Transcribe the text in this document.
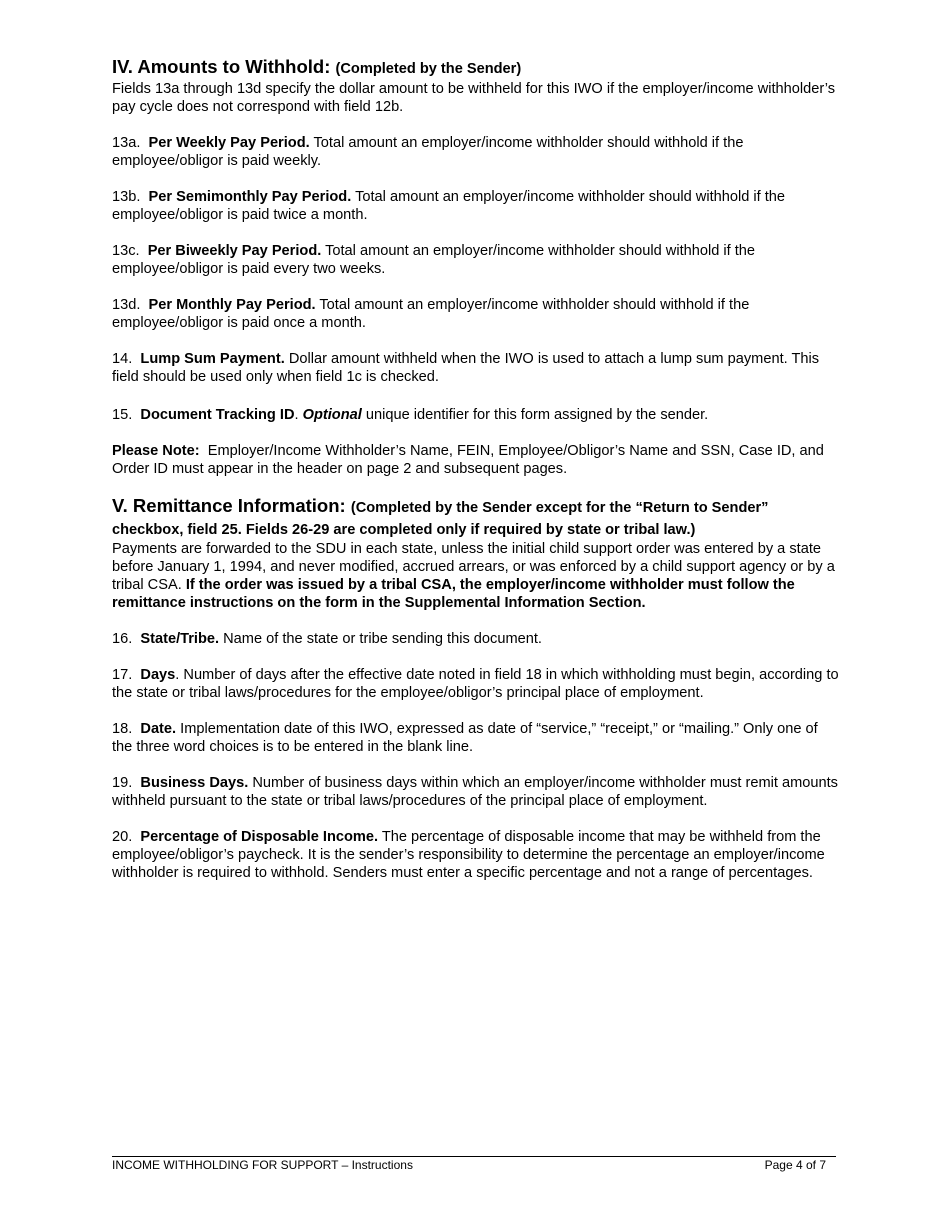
IV. Amounts to Withhold: (Completed by the Sender)

Fields 13a through 13d specify the dollar amount to be withheld for this IWO if the employer/income withholder’s pay cycle does not correspond with field 12b.

13a. Per Weekly Pay Period. Total amount an employer/income withholder should withhold if the employee/obligor is paid weekly.

13b. Per Semimonthly Pay Period. Total amount an employer/income withholder should withhold if the employee/obligor is paid twice a month.

13c. Per Biweekly Pay Period. Total amount an employer/income withholder should withhold if the employee/obligor is paid every two weeks.

13d. Per Monthly Pay Period. Total amount an employer/income withholder should withhold if the employee/obligor is paid once a month.

14. Lump Sum Payment. Dollar amount withheld when the IWO is used to attach a lump sum payment. This field should be used only when field 1c is checked.

15. Document Tracking ID. Optional unique identifier for this form assigned by the sender.

Please Note: Employer/Income Withholder’s Name, FEIN, Employee/Obligor’s Name and SSN, Case ID, and Order ID must appear in the header on page 2 and subsequent pages.

V. Remittance Information: (Completed by the Sender except for the “Return to Sender” checkbox, field 25. Fields 26-29 are completed only if required by state or tribal law.)

Payments are forwarded to the SDU in each state, unless the initial child support order was entered by a state before January 1, 1994, and never modified, accrued arrears, or was enforced by a child support agency or by a tribal CSA. If the order was issued by a tribal CSA, the employer/income withholder must follow the remittance instructions on the form in the Supplemental Information Section.

16. State/Tribe. Name of the state or tribe sending this document.

17. Days. Number of days after the effective date noted in field 18 in which withholding must begin, according to the state or tribal laws/procedures for the employee/obligor’s principal place of employment.

18. Date. Implementation date of this IWO, expressed as date of “service,” “receipt,” or “mailing.” Only one of the three word choices is to be entered in the blank line.

19. Business Days. Number of business days within which an employer/income withholder must remit amounts withheld pursuant to the state or tribal laws/procedures of the principal place of employment.

20. Percentage of Disposable Income. The percentage of disposable income that may be withheld from the employee/obligor’s paycheck. It is the sender’s responsibility to determine the percentage an employer/income withholder is required to withhold. Senders must enter a specific percentage and not a range of percentages.

INCOME WITHHOLDING FOR SUPPORT – Instructions	Page 4 of 7
